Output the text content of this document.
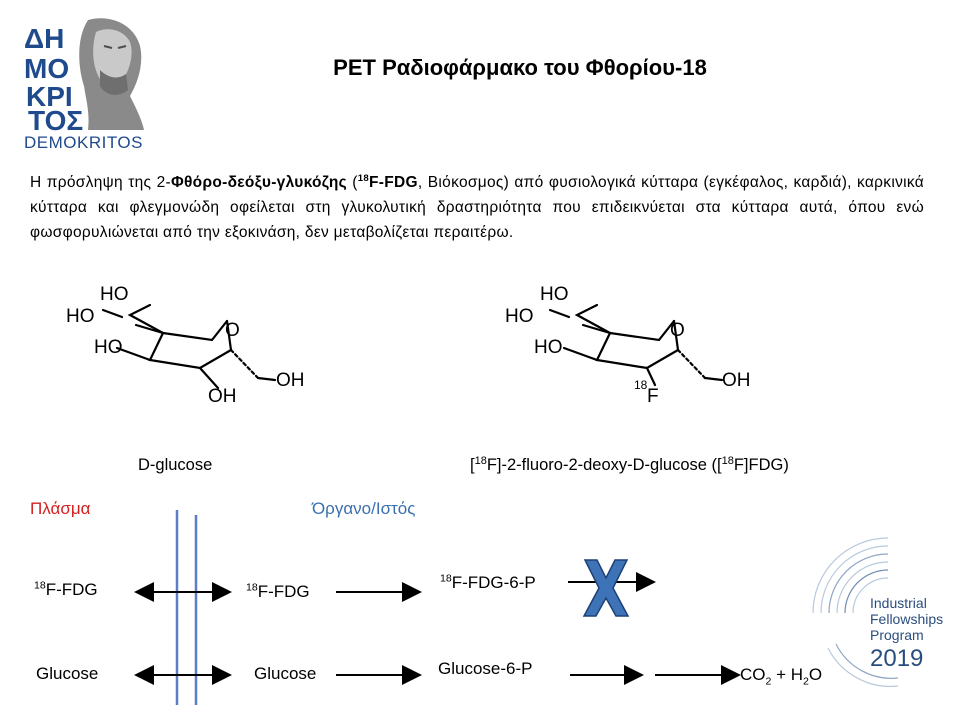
ΔΗ
ΜΟ
ΚΡΙ
ΤΟΣ
DEMOKRITOS
PET Ραδιοφάρμακο του Φθορίου-18
Η πρόσληψη της 2-Φθόρο-δεόξυ-γλυκόζης ($^{18}$F-FDG, Βιόκοσμος) από φυσιολογικά κύτταρα (εγκέφαλος, καρδιά), καρκινικά κύτταρα και φλεγμονώδη οφείλεται στη γλυκολυτική δραστηριότητα που επιδεικνύεται στα κύτταρα αυτά, όπου ενώ φωσφορυλιώνεται από την εξοκινάση, δεν μεταβολίζεται περαιτέρω.
HO
HO
HO
O
OH
OH
HO
HO
HO
O
18
F
OH
D-glucose	[$^{18}$F]-2-fluoro-2-deoxy-D-glucose ([$^{18}$F]FDG)
Πλάσμα	Όργανο/Ιστός
$^{18}$F-FDG	$^{18}$F-FDG
$^{18}$F-FDG-6-P
Glucose	Glucose	Glucose-6-P	$CO_2 + H_2O$
Industrial
Fellowships
Program
2019
